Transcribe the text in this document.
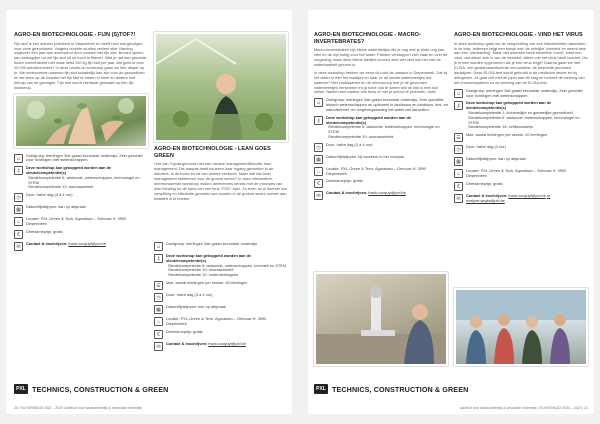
AGRO-EN BIOTECHNOLOGIE - FIJN (S)TOF?!
Fijn stof is een actueel probleem in Vlaanderen en heeft heel wat gevolgen voor onze gezondheid. Volgens recente studies verliest elke Vlaming ongeveer één jaar aan levensduur door contact met fijn stof. Bomen spelen een belangrijke rol om fijn stof uit de lucht te filteren. Wist je dat een gezonde boom overeenkomt met maar liefst 100 kg fijn stof per jaar, dat goed is voor 10.000 autokilometers? In deze hands-on workshop gaan we hier dieper op in. We onderzoeken waarom fijn stof schadelijk kan zijn voor de gezondheid en we leren op de koolstof het fijn stof te meten in onze en andere met behulp van de gevolgen. Fijn stof wordt zichtbaar gemaakt op één fijn workshop.
☺
Doelgroep: leerlingen 3de graad secundair onderwijs. Zeer geschikt voor richtingen met wetenschappen.
⚷
Deze workshop kan gekoppeld worden aan de sleutelcompetentie(s)
Sleutelcompetentie 6: wiskunde, wetenschappen, technologie en STEM
Sleutelcompetentie 12: duurzaamheid
◷
Duur: halve dag (3 à 4 uur)
▦
Datum/tijdstippen: kan op afspraak
⌂
Locatie: PXL-Green & Tech, Agoralaan – Gebouw H, 3590 Diepenbeek
€
Deelnameprijs: gratis
✉
Contact & inschrijven: frank.cocquyt@pxl.be
AGRO-EN BIOTECHNOLOGIE - LEAN GOES GREEN
Ooit van Toyota gehoord met een nieuwe managementfilosofie: lean management. Die aanpak heeft intussen haar ingang gevonden in de industrie, in de bouw en tal van andere sectoren. Maar wat kan lean management betekenen voor de groene sector? In deze interactieve, kennismakende workshop maken deelnemers kennis met de principes van lean thinking en de hand van een leuk "FGD"-spel. Zo leren ze al doende hoe verspilling en efficiëntie gemeten kan worden in de groene sector zonder aan kwaliteit in te boeten.
☺
Doelgroep: leerlingen 3de graad secundair onderwijs
⚷
Deze workshop kan gekoppeld worden aan de sleutelcompetentie(s)
Sleutelcompetentie 6: wiskunde, wetenschappen, techniek en STEM
Sleutelcompetentie 10: duurzaamheid
Sleutelcompetentie 12: ondernemingszin
☰
Max. aantal leerlingen per sessie: 16 leerlingen
◷
Duur: halve dag (3 à 4 uur)
▦
Datum/tijdstippen: kan op afspraak
⌂
Locatie: PXL-Green & Tech, Agoralaan – Gebouw H, 3590 Diepenbeek
€
Deelnameprijs: gratis
✉
Contact & inschrijven: frank.cocquyt@pxl.be
PXL TECHNICS, CONSTRUCTION & GREEN
20 | SCHOENKADI 2022 – 2023 | Aanbod voor basisonderwijs & secundair onderwijs
AGRO-EN BIOTECHNOLOGIE - MACRO-INVERTEBRATES?
Macro-invertebraten zijn kleine waterdiertjes die je nog met je blote oog kan zien en de zijn nuttig voor het water. Planten verstoppen zich vaak en over de omgeving, maar deze kleine diertjes kunnen zeer wel veel ook het met de waterkwaliteit gezond is.
In deze workshop trekken we eerst uit rond de campus in Diepenbeek. Dat zij het water in met het waaltjes en daar ze de aantal waterbeestjes het kaderen? Met zoekkaarten en de microscoop leer je de gevonden waterbeestjes herkennen en ja komt ook te weten wat de link is met hun milieu. Nadien een nadere ook thuis of met je school te proberen, doel!
☺
Doelgroep: leerlingen 3de graad secundair onderwijs. Zeer specifiek biotech wetenschappen en optioneel in landbouw en tuinbouw, bos- en natuurbeheer, en omgevingsaanleg het water wel aanvullen.
⚷
Deze workshop kan gekoppeld worden aan de sleutelcompetentie(s)
Sleutelcompetentie 6: wiskunde, wetenschappen, technologie en STEM
Sleutelcompetentie 10: duurzaamheid
◷
Duur: halve dag (3 à 4 uur)
▦
Datum/tijdstippen: bij voorkeur in het voorjaar
⌂
Locatie: PXL-Green & Tech, Agoralaan – Gebouw H, 3590 Diepenbeek
€
Deelnameprijs: gratis
✉
Contact & inschrijven: frank.cocquyt@pxl.be
AGRO-EN BIOTECHNOLOGIE - VIND HET VIRUS
In deze workshop gaan we de verspreiding van een infectieziekte nabootsen in de klas. Iedereen krijgt een buisje met 'de erfelijke' vloeistof en neemt deel aan een 'uitwisseling'. Maar niet iedereen heeft hetzelfde 'vocht', want een virus, dat alleen ziek is van de vloeistof, alleen wie het virus heeft besmet. Ga je ermee worden opgenomen als je een virus krijgt? Daarna gaan we met ELISA, een gestandaardiseerde immunotest, de besmette personen aanwijzen. Deze ELISA-test wordt gebruikt in de medische sector en bij allergenen. Je gaat zelf met de pipet aan de slag en herkent de werking van het immuunsysteem en de werking van de ELISA-test.
☺
Doelgroep: leerlingen 3de graad secundair onderwijs. Zeer geschikt voor richtingen met wetenschappen.
⚷
Deze workshop kan gekoppeld worden aan de sleutelcompetentie(s)
Sleutelcompetentie 1: lichamelijke en geestelijke gezondheid
Sleutelcompetentie 6: wiskunde, wetenschappen, technologie en STEM
Sleutelcompetentie 16: zelfbewustzijn
☰
Max. aantal leerlingen per sessie: 20 leerlingen
◷
Duur: halve dag (3 uur)
▦
Datum/tijdstippen: kan op afspraak
⌂
Locatie: PXL-Green & Tech, Agoralaan – Gebouw H, 3590 Diepenbeek
€
Deelnameprijs: gratis
✉
Contact & inschrijven: frank.cocquyt@pxl.be of evelyne.wuyts@pxl.be
PXL TECHNICS, CONSTRUCTION & GREEN
Aanbod voor basisonderwijs & secundair onderwijs | SCHOENKADI 2022 – 2023 | 21
